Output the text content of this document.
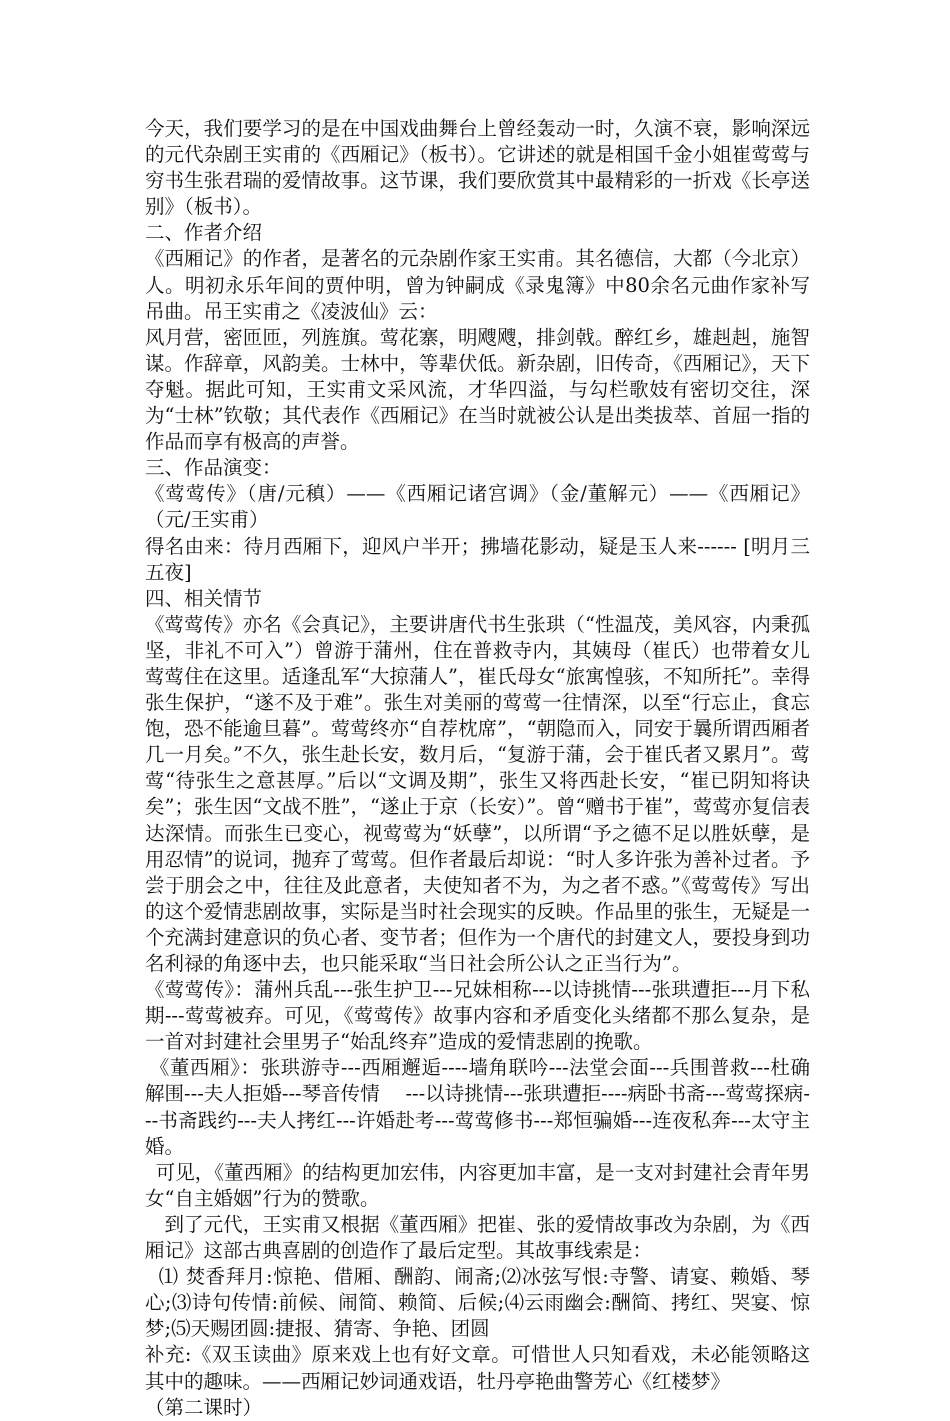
今天，我们要学习的是在中国戏曲舞台上曾经轰动一时，久演不衰，影响深远的元代杂剧王实甫的《西厢记》（板书）。它讲述的就是相国千金小姐崔莺莺与穷书生张君瑞的爱情故事。这节课，我们要欣赏其中最精彩的一折戏《长亭送别》（板书）。

二、作者介绍

《西厢记》的作者，是著名的元杂剧作家王实甫。其名德信，大都（今北京）人。明初永乐年间的贾仲明，曾为钟嗣成《录鬼簿》中80余名元曲作家补写吊曲。吊王实甫之《凌波仙》云：

风月营，密匝匝，列旌旗。莺花寨，明飕飕，排剑戟。醉红乡，雄赳赳，施智谋。作辞章，风韵美。士林中，等辈伏低。新杂剧，旧传奇，《西厢记》，天下夺魁。据此可知，王实甫文采风流，才华四溢，与勾栏歌妓有密切交往，深为“士林”钦敬；其代表作《西厢记》在当时就被公认是出类拔萃、首屈一指的作品而享有极高的声誉。

三、作品演变：

《莺莺传》（唐/元稹）——《西厢记诸宫调》（金/董解元）——《西厢记》（元/王实甫）

得名由来：待月西厢下，迎风户半开；拂墙花影动，疑是玉人来------ [明月三五夜]

四、相关情节

《莺莺传》亦名《会真记》，主要讲唐代书生张珙（“性温茂，美风容，内秉孤坚，非礼不可入”）曾游于蒲州，住在普救寺内，其姨母（崔氏）也带着女儿莺莺住在这里。适逢乱军“大掠蒲人”，崔氏母女“旅寓惶骇，不知所托”。幸得张生保护，“遂不及于难”。张生对美丽的莺莺一往情深，以至“行忘止，食忘饱，恐不能逾旦暮”。莺莺终亦“自荐枕席”，“朝隐而入，同安于曩所谓西厢者几一月矣。”不久，张生赴长安，数月后，“复游于蒲，会于崔氏者又累月”。莺莺“待张生之意甚厚。”后以“文调及期”，张生又将西赴长安，“崔已阴知将诀矣”；张生因“文战不胜”，“遂止于京（长安）”。曾“赠书于崔”，莺莺亦复信表达深情。而张生已变心，视莺莺为“妖孽”，以所谓“予之德不足以胜妖孽，是用忍情”的说词，抛弃了莺莺。但作者最后却说：“时人多许张为善补过者。予尝于朋会之中，往往及此意者，夫使知者不为，为之者不惑。”《莺莺传》写出的这个爱情悲剧故事，实际是当时社会现实的反映。作品里的张生，无疑是一个充满封建意识的负心者、变节者；但作为一个唐代的封建文人，要投身到功名利禄的角逐中去，也只能采取“当日社会所公认之正当行为”。

《莺莺传》：蒲州兵乱---张生护卫---兄妹相称---以诗挑情---张珙遭拒---月下私期---莺莺被弃。可见，《莺莺传》故事内容和矛盾变化头绪都不那么复杂，是一首对封建社会里男子“始乱终弃”造成的爱情悲剧的挽歌。

《董西厢》：张珙游寺---西厢邂逅----墙角联吟---法堂会面---兵围普救---杜确解围---夫人拒婚---琴音传情　 ---以诗挑情---张珙遭拒----病卧书斋---莺莺探病---书斋践约---夫人拷红---许婚赴考---莺莺修书---郑恒骗婚---连夜私奔---太守主婚。

可见，《董西厢》的结构更加宏伟，内容更加丰富，是一支对封建社会青年男女“自主婚姻”行为的赞歌。

到了元代，王实甫又根据《董西厢》把崔、张的爱情故事改为杂剧，为《西厢记》这部古典喜剧的创造作了最后定型。其故事线索是：

⑴ 焚香拜月:惊艳、借厢、酬韵、闹斋;⑵冰弦写恨:寺警、请宴、赖婚、琴心;⑶诗句传情:前候、闹简、赖简、后候;⑷云雨幽会:酬简、拷红、哭宴、惊梦;⑸天赐团圆:捷报、猜寄、争艳、团圆

补充:《双玉读曲》原来戏上也有好文章。可惜世人只知看戏，未必能领略这其中的趣味。——西厢记妙词通戏语，牡丹亭艳曲警芳心《红楼梦》

（第二课时）
